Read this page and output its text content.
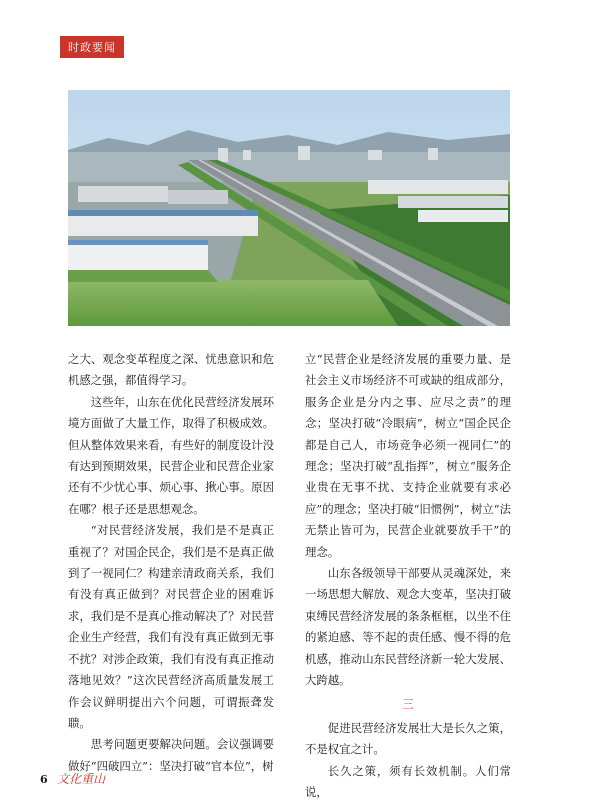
时政要闻

之大、观念变革程度之深、忧患意识和危机感之强，都值得学习。

这些年，山东在优化民营经济发展环境方面做了大量工作，取得了积极成效。但从整体效果来看，有些好的制度设计没有达到预期效果，民营企业和民营企业家还有不少忧心事、烦心事、揪心事。原因在哪？根子还是思想观念。

“对民营经济发展，我们是不是真正重视了？对国企民企，我们是不是真正做到了一视同仁？构建亲清政商关系，我们有没有真正做到？对民营企业的困难诉求，我们是不是真心推动解决了？对民营企业生产经营，我们有没有真正做到无事不扰？对涉企政策，我们有没有真正推动落地见效？”这次民营经济高质量发展工作会议鲜明提出六个问题，可谓振聋发聩。

思考问题更要解决问题。会议强调要做好“四破四立”：坚决打破“官本位”，树

立“民营企业是经济发展的重要力量、是社会主义市场经济不可或缺的组成部分，服务企业是分内之事、应尽之责”的理念；坚决打破“冷眼病”，树立“国企民企都是自己人，市场竞争必须一视同仁”的理念；坚决打破“乱指挥”，树立“服务企业贵在无事不扰、支持企业就要有求必应”的理念；坚决打破“旧惯例”，树立“法无禁止皆可为，民营企业就要放手干”的理念。

山东各级领导干部要从灵魂深处，来一场思想大解放、观念大变革，坚决打破束缚民营经济发展的条条框框，以坐不住的紧迫感、等不起的责任感、慢不得的危机感，推动山东民营经济新一轮大发展、大跨越。

三

促进民营经济发展壮大是长久之策，不是权宜之计。

长久之策，须有长效机制。人们常说，

6 文化重山
